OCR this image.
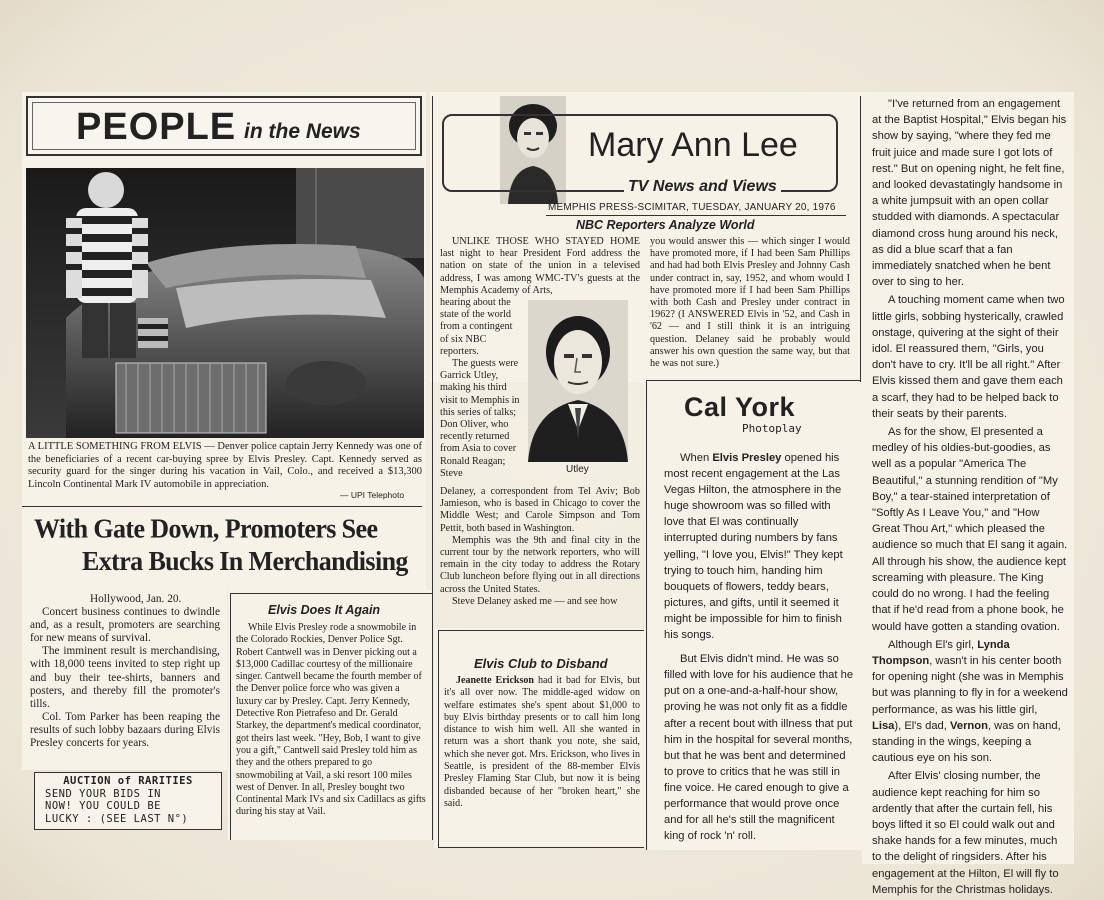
PEOPLE in the News
A LITTLE SOMETHING FROM ELVIS — Denver police captain Jerry Kennedy was one of the beneficiaries of a recent car-buying spree by Elvis Presley. Capt. Kennedy served as security guard for the singer during his vacation in Vail, Colo., and received a $13,300 Lincoln Continental Mark IV automobile in appreciation.
— UPI Telephoto
With Gate Down, Promoters See
Extra Bucks In Merchandising
Hollywood, Jan. 20.

Concert business continues to dwindle and, as a result, promoters are searching for new means of survival.

The imminent result is merchandising, with 18,000 teens invited to step right up and buy their tee-shirts, banners and posters, and thereby fill the promoter's tills.

Col. Tom Parker has been reaping the results of such lobby bazaars during Elvis Presley concerts for years.

AUCTION of RARITIES
SEND YOUR BIDS IN
NOW! YOU COULD BE
LUCKY : (SEE LAST N°)
Elvis Does It Again

While Elvis Presley rode a snowmobile in the Colorado Rockies, Denver Police Sgt. Robert Cantwell was in Denver picking out a $13,000 Cadillac courtesy of the millionaire singer. Cantwell became the fourth member of the Denver police force who was given a luxury car by Presley. Capt. Jerry Kennedy, Detective Ron Pietrafeso and Dr. Gerald Starkey, the department's medical coordinator, got theirs last week. "Hey, Bob, I want to give you a gift," Cantwell said Presley told him as they and the others prepared to go snowmobiling at Vail, a ski resort 100 miles west of Denver. In all, Presley bought two Continental Mark IVs and six Cadillacs as gifts during his stay at Vail.

Mary Ann Lee
TV News and Views
MEMPHIS PRESS-SCIMITAR, TUESDAY, JANUARY 20, 1976
NBC Reporters Analyze World

UNLIKE THOSE WHO STAYED HOME last night to hear President Ford address the nation on state of the union in a televised address, I was among WMC-TV's guests at the Memphis Academy of Arts,

hearing about the state of the world from a contingent of six NBC reporters.

The guests were Garrick Utley, making his third visit to Memphis in this series of talks; Don Oliver, who recently returned from Asia to cover Ronald Reagan; Steve	Utley
Delaney, a correspondent from Tel Aviv; Bob Jamieson, who is based in Chicago to cover the Middle West; and Carole Simpson and Tom Pettit, both based in Washington.

Memphis was the 9th and final city in the current tour by the network reporters, who will remain in the city today to address the Rotary Club luncheon before flying out in all directions across the United States.

Steve Delaney asked me — and see how

you would answer this — which singer I would have promoted more, if I had been Sam Phillips and had had both Elvis Presley and Johnny Cash under contract in, say, 1952, and whom would I have promoted more if I had been Sam Phillips with both Cash and Presley under contract in 1962? (I ANSWERED Elvis in '52, and Cash in '62 — and I still think it is an intriguing question. Delaney said he probably would answer his own question the same way, but that he was not sure.)
Elvis Club to Disband

Jeanette Erickson had it bad for Elvis, but it's all over now. The middle-aged widow on welfare estimates she's spent about $1,000 to buy Elvis birthday presents or to call him long distance to wish him well. All she wanted in return was a short thank you note, she said, which she never got. Mrs. Erickson, who lives in Seattle, is president of the 88-member Elvis Presley Flaming Star Club, but now it is being disbanded because of her "broken heart," she said.

Cal York
Photoplay

When Elvis Presley opened his most recent engagement at the Las Vegas Hilton, the atmosphere in the huge showroom was so filled with love that El was continually interrupted during numbers by fans yelling, "I love you, Elvis!" They kept trying to touch him, handing him bouquets of flowers, teddy bears, pictures, and gifts, until it seemed it might be impossible for him to finish his songs.

But Elvis didn't mind. He was so filled with love for his audience that he put on a one-and-a-half-hour show, proving he was not only fit as a fiddle after a recent bout with illness that put him in the hospital for several months, but that he was bent and determined to prove to critics that he was still in fine voice. He cared enough to give a performance that would prove once and for all he's still the magnificent king of rock 'n' roll.

"I've returned from an engagement at the Baptist Hospital," Elvis began his show by saying, "where they fed me fruit juice and made sure I got lots of rest." But on opening night, he felt fine, and looked devastatingly handsome in a white jumpsuit with an open collar studded with diamonds. A spectacular diamond cross hung around his neck, as did a blue scarf that a fan immediately snatched when he bent over to sing to her.

A touching moment came when two little girls, sobbing hysterically, crawled onstage, quivering at the sight of their idol. El reassured them, "Girls, you don't have to cry. It'll be all right." After Elvis kissed them and gave them each a scarf, they had to be helped back to their seats by their parents.

As for the show, El presented a medley of his oldies-but-goodies, as well as a popular "America The Beautiful," a stunning rendition of "My Boy," a tear-stained interpretation of "Softly As I Leave You," and "How Great Thou Art," which pleased the audience so much that El sang it again. All through his show, the audience kept screaming with pleasure. The King could do no wrong. I had the feeling that if he'd read from a phone book, he would have gotten a standing ovation.

Although El's girl, Lynda Thompson, wasn't in his center booth for opening night (she was in Memphis but was planning to fly in for a weekend performance, as was his little girl, Lisa), El's dad, Vernon, was on hand, standing in the wings, keeping a cautious eye on his son.

After Elvis' closing number, the audience kept reaching for him so ardently that after the curtain fell, his boys lifted it so El could walk out and shake hands for a few minutes, much to the delight of ringsiders. After his engagement at the Hilton, El will fly to Memphis for the Christmas holidays.
